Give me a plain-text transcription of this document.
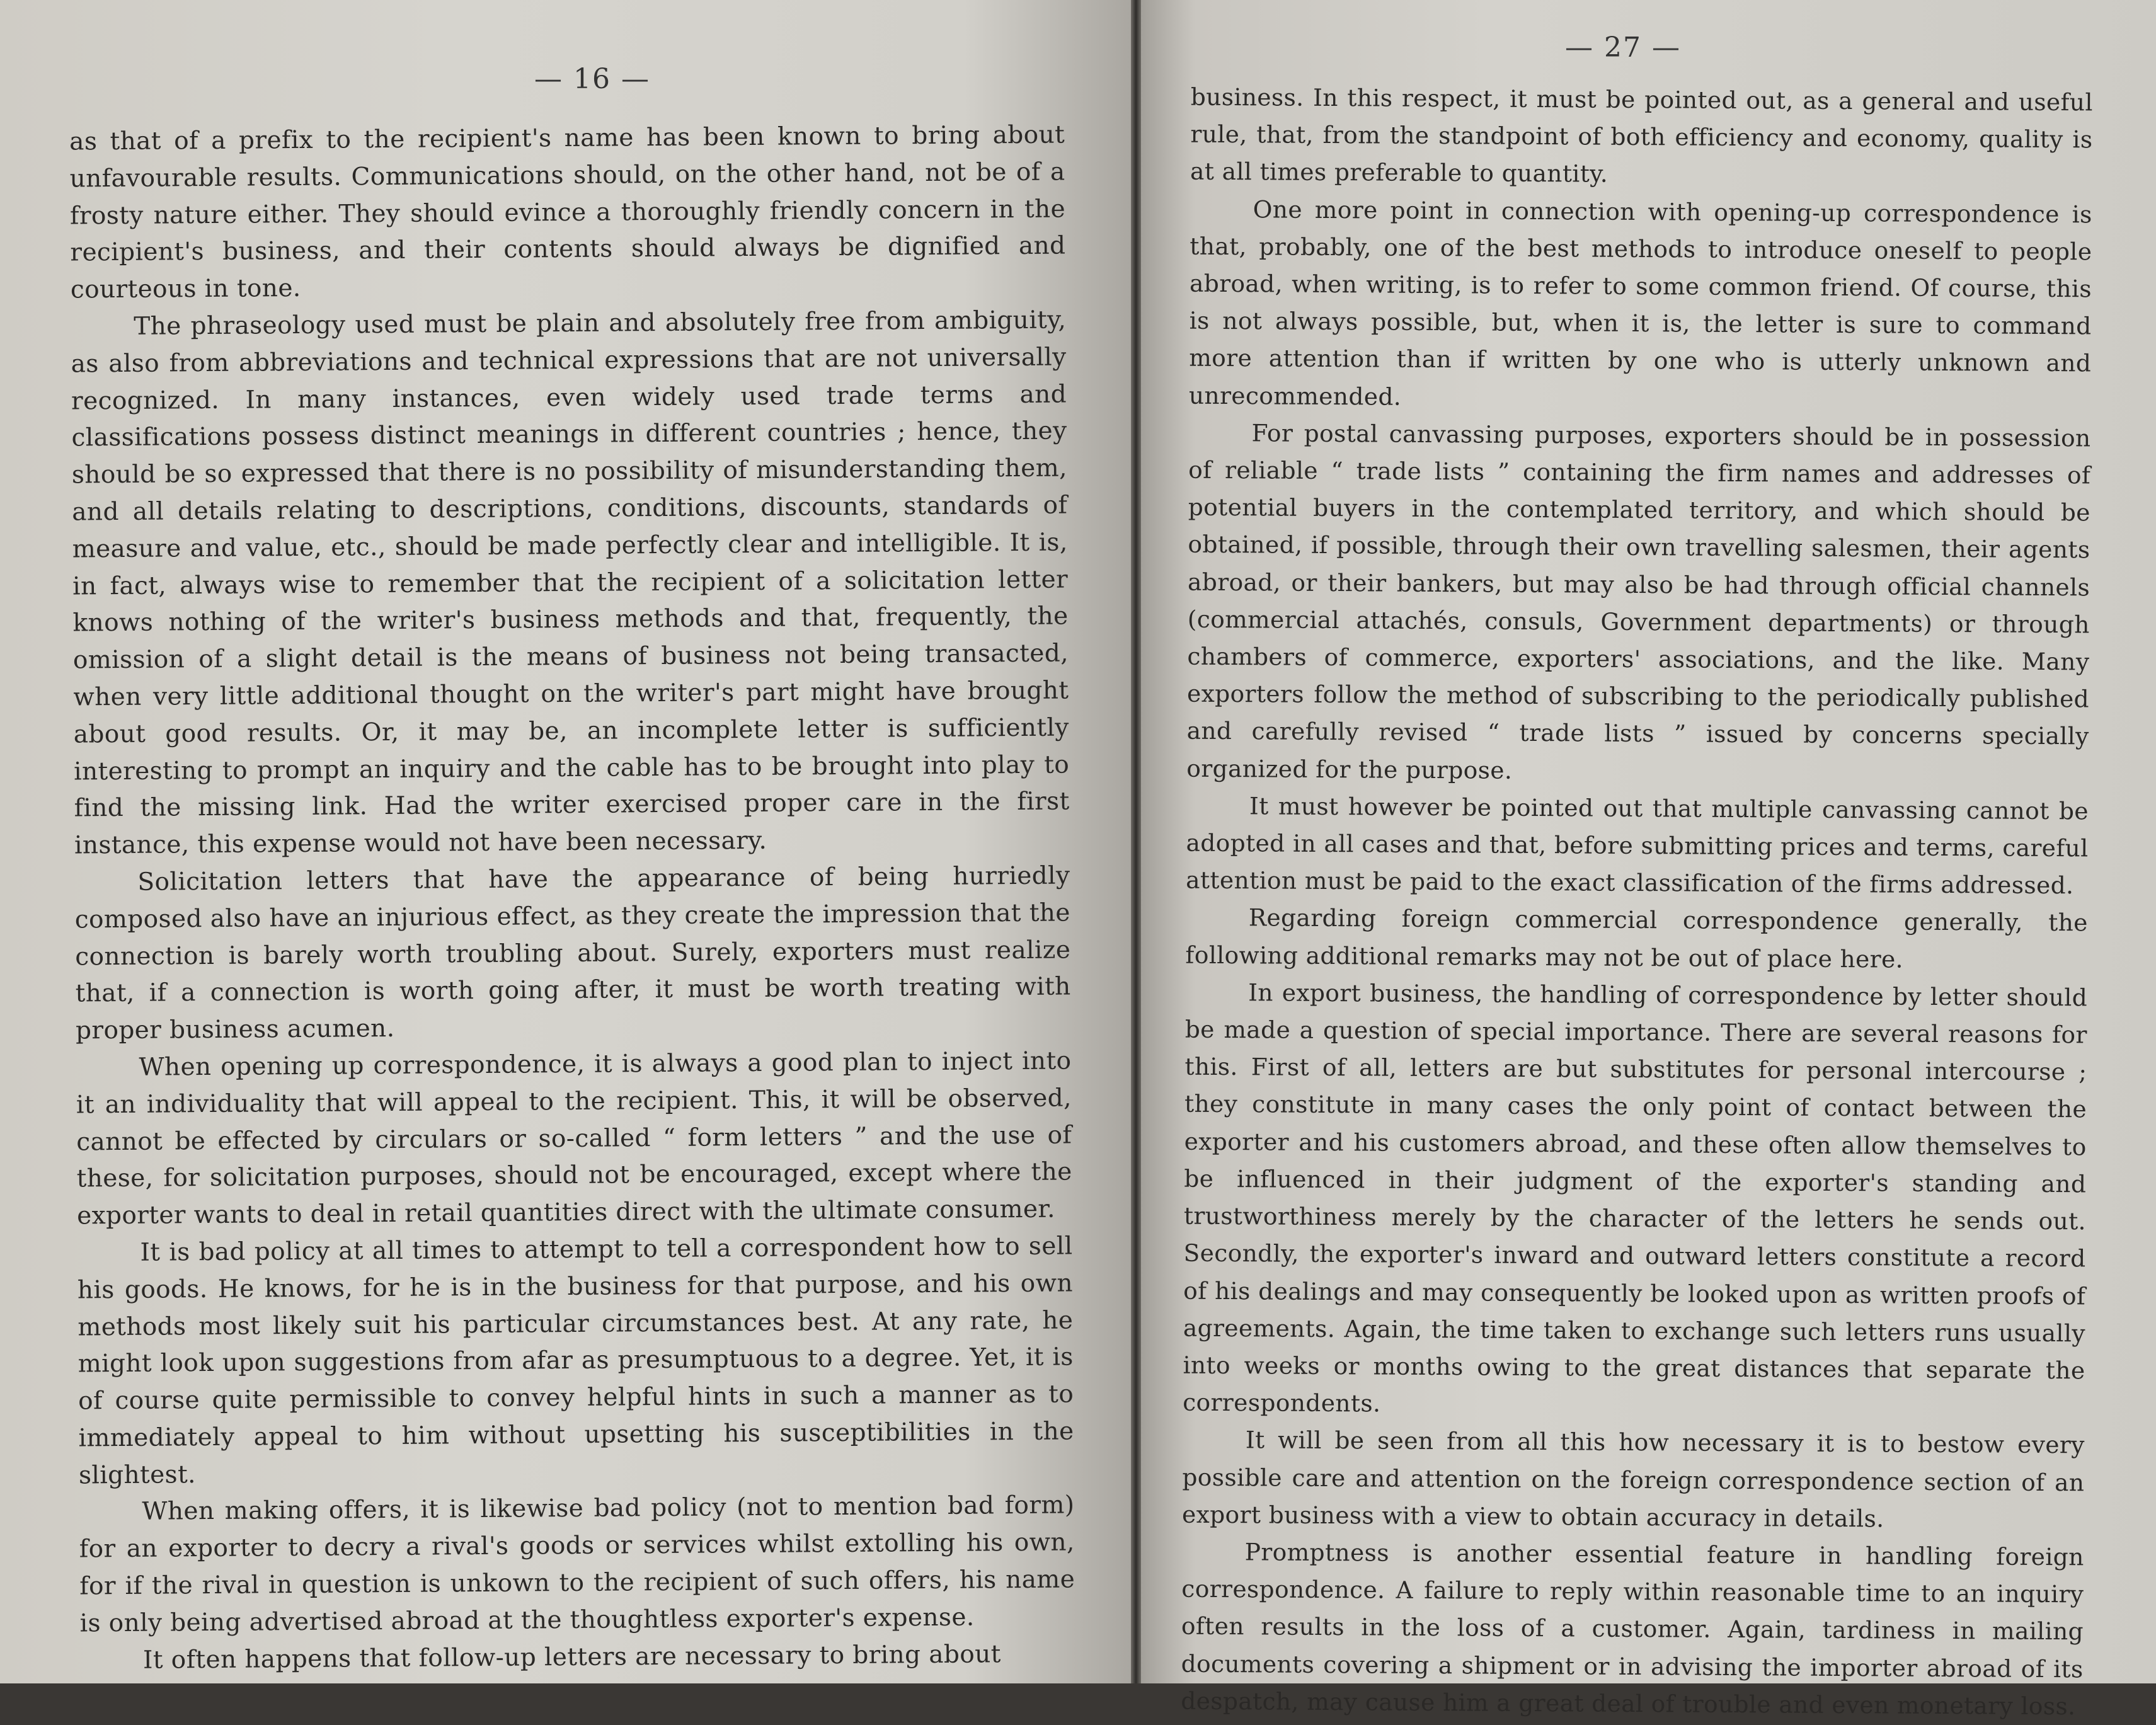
— 16 —

as that of a prefix to the recipient's name has been known to bring about unfavourable results. Communications should, on the other hand, not be of a frosty nature either. They should evince a thoroughly friendly concern in the recipient's business, and their contents should always be dignified and courteous in tone.

The phraseology used must be plain and absolutely free from ambiguity, as also from abbreviations and technical expressions that are not universally recognized. In many instances, even widely used trade terms and classifications possess distinct meanings in different countries ; hence, they should be so expressed that there is no possibility of misunderstanding them, and all details relating to descriptions, conditions, discounts, standards of measure and value, etc., should be made perfectly clear and intelligible. It is, in fact, always wise to remember that the recipient of a solicitation letter knows nothing of the writer's business methods and that, frequently, the omission of a slight detail is the means of business not being transacted, when very little additional thought on the writer's part might have brought about good results. Or, it may be, an incomplete letter is sufficiently interesting to prompt an inquiry and the cable has to be brought into play to find the missing link. Had the writer exercised proper care in the first instance, this expense would not have been necessary.

Solicitation letters that have the appearance of being hurriedly composed also have an injurious effect, as they create the impression that the connection is barely worth troubling about. Surely, exporters must realize that, if a connection is worth going after, it must be worth treating with proper business acumen.

When opening up correspondence, it is always a good plan to inject into it an individuality that will appeal to the recipient. This, it will be observed, cannot be effected by circulars or so-called “ form letters ” and the use of these, for solicitation purposes, should not be encouraged, except where the exporter wants to deal in retail quantities direct with the ultimate consumer.

It is bad policy at all times to attempt to tell a correspondent how to sell his goods. He knows, for he is in the business for that purpose, and his own methods most likely suit his particular circumstances best. At any rate, he might look upon suggestions from afar as presumptuous to a degree. Yet, it is of course quite permissible to convey helpful hints in such a manner as to immediately appeal to him without upsetting his susceptibilities in the slightest.

When making offers, it is likewise bad policy (not to mention bad form) for an exporter to decry a rival's goods or services whilst extolling his own, for if the rival in question is unkown to the recipient of such offers, his name is only being advertised abroad at the thoughtless exporter's expense.

It often happens that follow-up letters are necessary to bring about

— 27 —

business. In this respect, it must be pointed out, as a general and useful rule, that, from the standpoint of both efficiency and economy, quality is at all times preferable to quantity.

One more point in connection with opening-up correspondence is that, probably, one of the best methods to introduce oneself to people abroad, when writing, is to refer to some common friend. Of course, this is not always possible, but, when it is, the letter is sure to command more attention than if written by one who is utterly unknown and unrecommended.

For postal canvassing purposes, exporters should be in possession of reliable “ trade lists ” containing the firm names and addresses of potential buyers in the contemplated territory, and which should be obtained, if possible, through their own travelling salesmen, their agents abroad, or their bankers, but may also be had through official channels (commercial attachés, consuls, Government departments) or through chambers of commerce, exporters' associations, and the like. Many exporters follow the method of subscribing to the periodically published and carefully revised “ trade lists ” issued by concerns specially organized for the purpose.

It must however be pointed out that multiple canvassing cannot be adopted in all cases and that, before submitting prices and terms, careful attention must be paid to the exact classification of the firms addressed.

Regarding foreign commercial correspondence generally, the following additional remarks may not be out of place here.

In export business, the handling of correspondence by letter should be made a question of special importance. There are several reasons for this. First of all, letters are but substitutes for personal intercourse ; they constitute in many cases the only point of contact between the exporter and his customers abroad, and these often allow themselves to be influenced in their judgment of the exporter's standing and trustworthiness merely by the character of the letters he sends out. Secondly, the exporter's inward and outward letters constitute a record of his dealings and may consequently be looked upon as written proofs of agreements. Again, the time taken to exchange such letters runs usually into weeks or months owing to the great distances that separate the correspondents.

It will be seen from all this how necessary it is to bestow every possible care and attention on the foreign correspondence section of an export business with a view to obtain accuracy in details.

Promptness is another essential feature in handling foreign correspondence. A failure to reply within reasonable time to an inquiry often results in the loss of a customer. Again, tardiness in mailing documents covering a shipment or in advising the importer abroad of its despatch, may cause him a great deal of trouble and even monetary loss.
